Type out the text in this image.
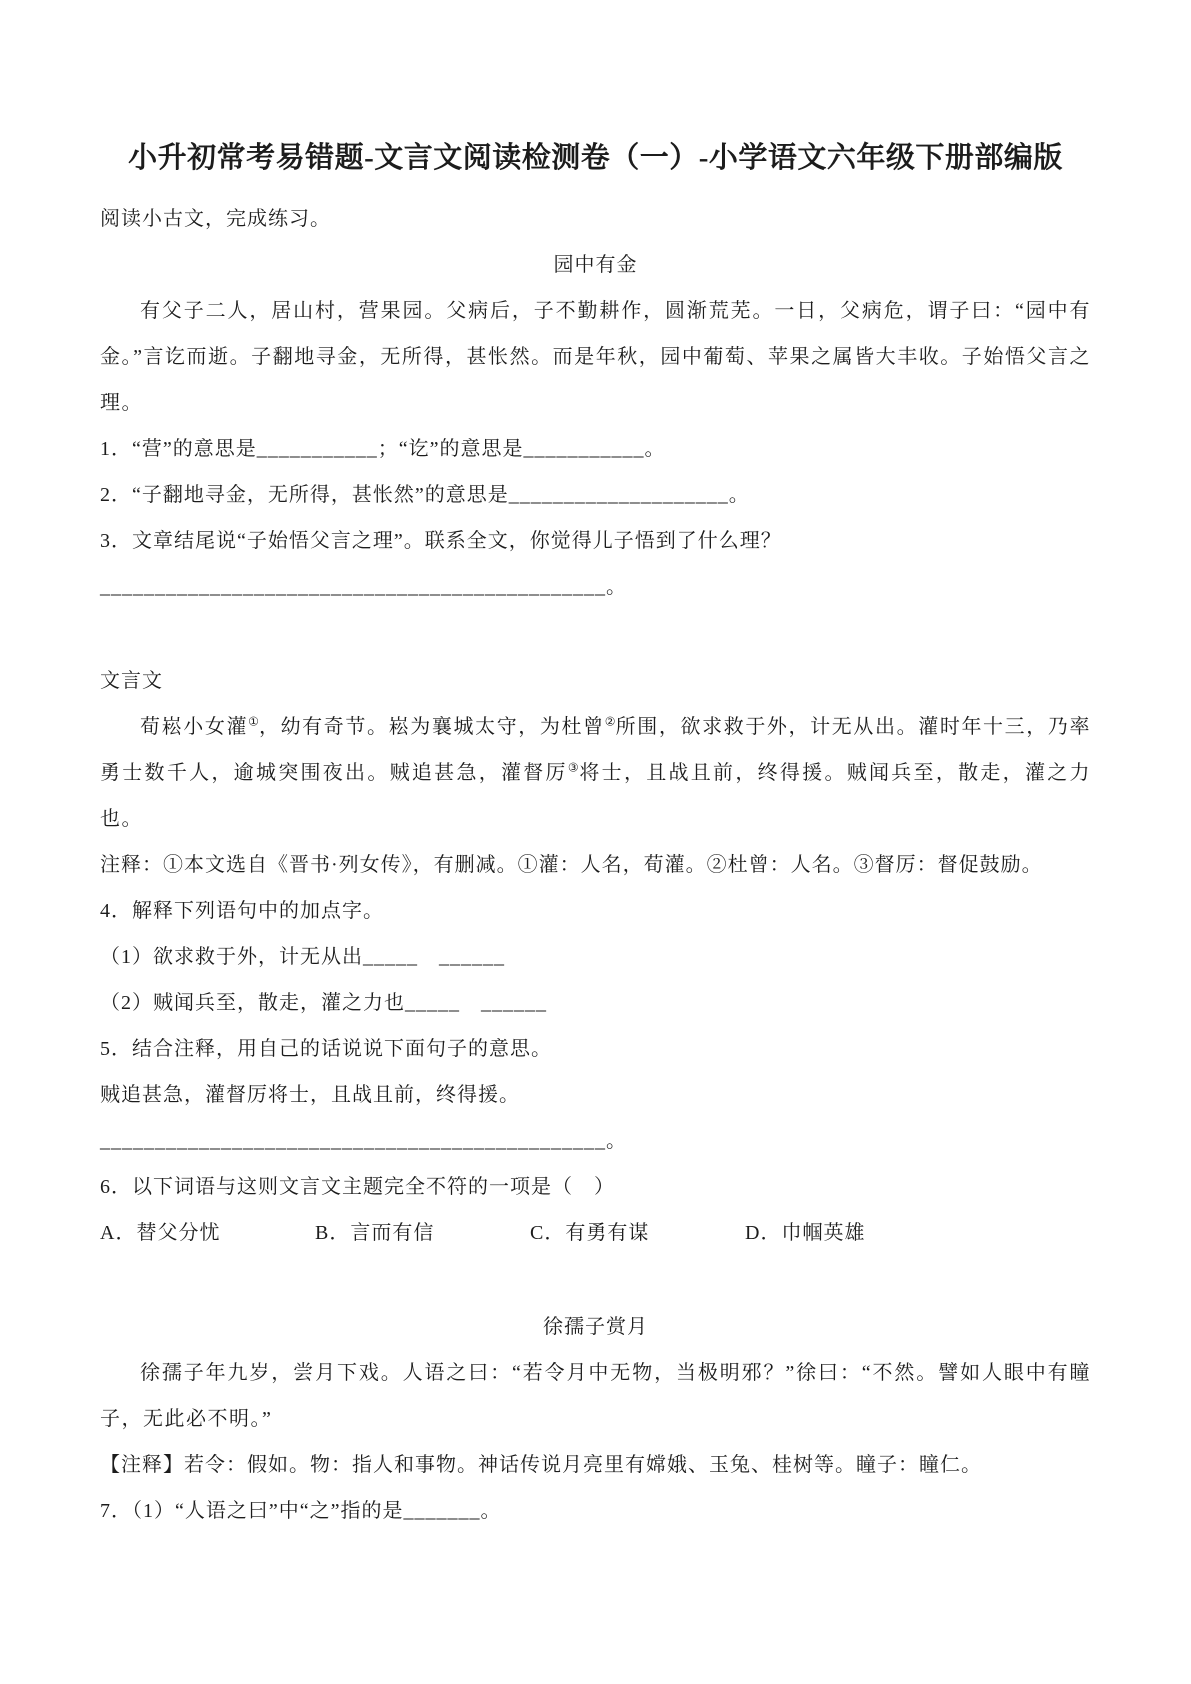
小升初常考易错题-文言文阅读检测卷（一）-小学语文六年级下册部编版

阅读小古文，完成练习。

园中有金

有父子二人，居山村，营果园。父病后，子不勤耕作，圆渐荒芜。一日，父病危，谓子曰：“园中有金。”言讫而逝。子翻地寻金，无所得，甚怅然。而是年秋，园中葡萄、苹果之属皆大丰收。子始悟父言之理。

1．“营”的意思是___________；“讫”的意思是___________。

2．“子翻地寻金，无所得，甚怅然”的意思是____________________。

3．文章结尾说“子始悟父言之理”。联系全文，你觉得儿子悟到了什么理？

______________________________________________。

文言文

荀崧小女灌①，幼有奇节。崧为襄城太守，为杜曾②所围，欲求救于外，计无从出。灌时年十三，乃率勇士数千人，逾城突围夜出。贼追甚急，灌督厉③将士，且战且前，终得援。贼闻兵至，散走，灌之力也。

注释：①本文选自《晋书·列女传》，有删减。①灌：人名，荀灌。②杜曾：人名。③督厉：督促鼓励。

4．解释下列语句中的加点字。

（1）欲求救于外，计无从出_____　______

（2）贼闻兵至，散走，灌之力也_____　______

5．结合注释，用自己的话说说下面句子的意思。

贼追甚急，灌督厉将士，且战且前，终得援。

______________________________________________。

6．以下词语与这则文言文主题完全不符的一项是（　）

A．替父分忧	B．言而有信	C．有勇有谋	D．巾帼英雄

徐孺子赏月

徐孺子年九岁，尝月下戏。人语之曰：“若令月中无物，当极明邪？”徐曰：“不然。譬如人眼中有瞳子，无此必不明。”

【注释】若令：假如。物：指人和事物。神话传说月亮里有嫦娥、玉兔、桂树等。瞳子：瞳仁。

7．（1）“人语之曰”中“之”指的是_______。
